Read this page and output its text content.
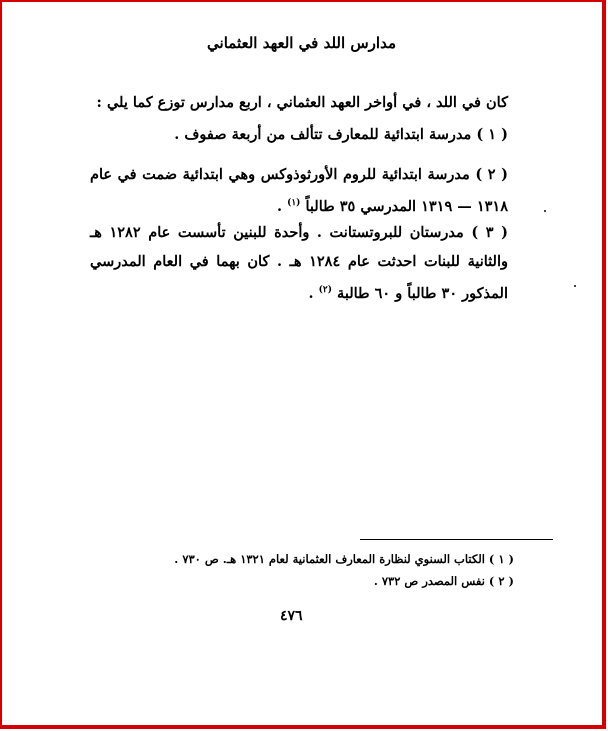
مدارس اللد في العهد العثماني
كان في اللد ، في أواخر العهد العثماني ، اربع مدارس توزع كما يلي :
( ١ ) مدرسة ابتدائية للمعارف تتألف من أربعة صفوف .
( ٢ ) مدرسة ابتدائية للروم الأورثوذوكس وهي ابتدائية ضمت في عام ١٣١٨ — ١٣١٩ المدرسي ٣٥ طالباً $^{(١)}$ .
( ٣ ) مدرستان للبروتستانت . وأحدة للبنين تأسست عام ١٢٨٢ هـ والثانية للبنات احدثت عام ١٢٨٤ هـ . كان بهما في العام المدرسي المذكور ٣٠ طالباً و ٦٠ طالبة $^{(٢)}$ .
( ١ ) الكتاب السنوي لنظارة المعارف العثمانية لعام ١٣٢١ هـ. ص ٧٣٠ .
( ٢ ) نفس المصدر ص ٧٣٢ .
٤٧٦
